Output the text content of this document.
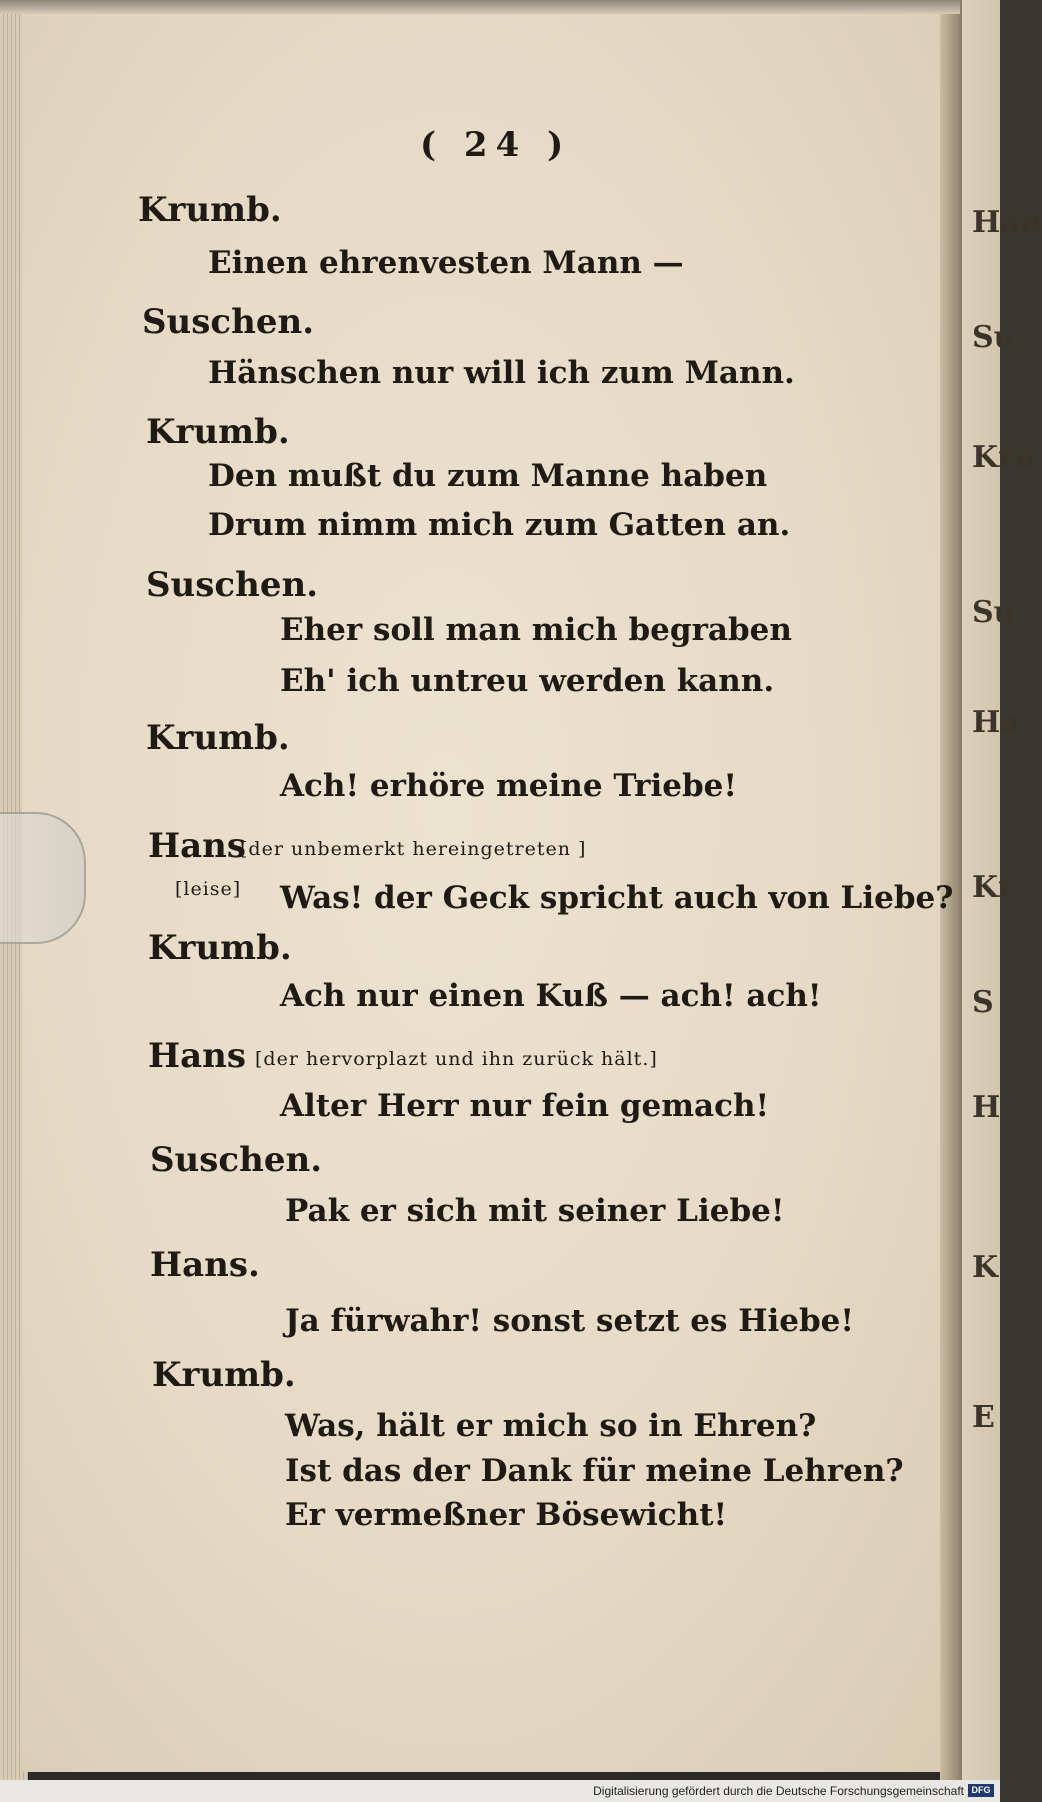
Han
Su
Kru
Su
Ha
Kr
S
H
K
E
( 24 )
Krumb.
Einen ehrenvesten Mann —
Suschen.
Hänschen nur will ich zum Mann.
Krumb.
Den mußt du zum Manne haben
Drum nimm mich zum Gatten an.
Suschen.
Eher soll man mich begraben
Eh' ich untreu werden kann.
Krumb.
Ach! erhöre meine Triebe!
Hans
[der unbemerkt hereingetreten ]
[leise] Was! der Geck spricht auch von Liebe?
Krumb.
Ach nur einen Kuß — ach! ach!
Hans [der hervorplazt und ihn zurück hält.]
Alter Herr nur fein gemach!
Suschen.
Pak er sich mit seiner Liebe!
Hans.
Ja fürwahr! sonst setzt es Hiebe!
Krumb.
Was, hält er mich so in Ehren?
Ist das der Dank für meine Lehren?
Er vermeßner Bösewicht!
Digitalisierung gefördert durch die Deutsche Forschungsgemeinschaft DFG
